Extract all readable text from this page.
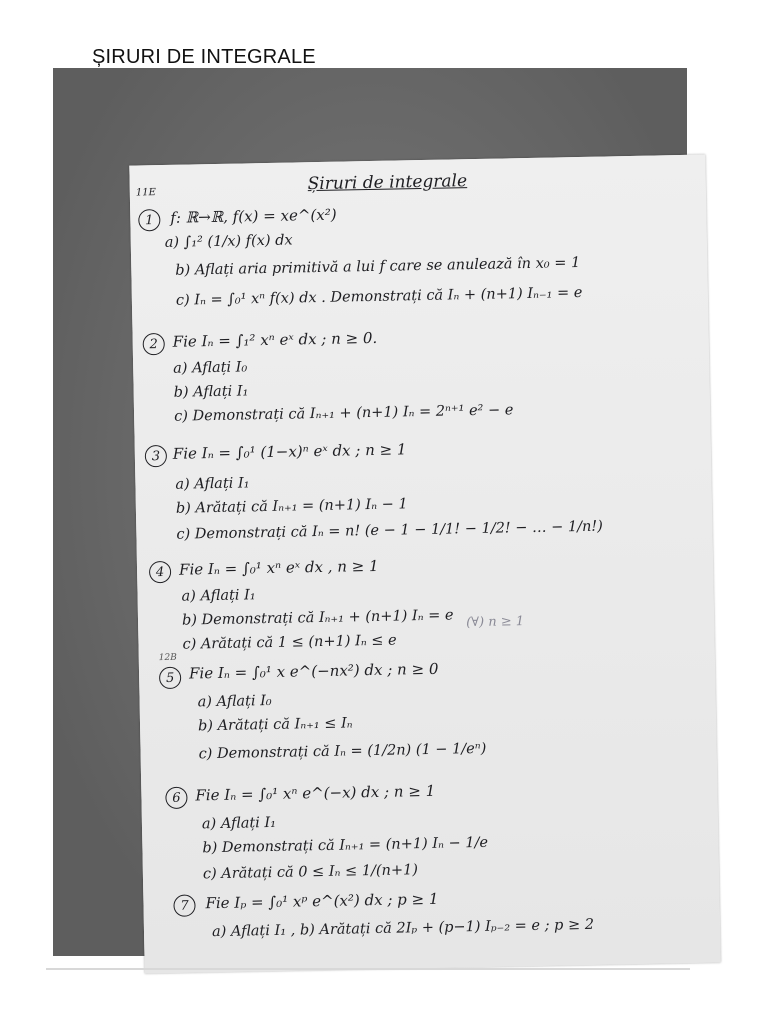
ȘIRURI DE INTEGRALE
Șiruri de integrale
11E
1	f: ℝ→ℝ, f(x) = xe^(x²)
a) ∫₁² (1/x) f(x) dx
b) Aflați aria primitivă a lui f care se anulează în x₀ = 1
c) Iₙ = ∫₀¹ xⁿ f(x) dx . Demonstrați că Iₙ + (n+1) Iₙ₋₁ = e
2 Fie Iₙ = ∫₁² xⁿ eˣ dx ; n ≥ 0.
a) Aflați I₀
b) Aflați I₁
c) Demonstrați că Iₙ₊₁ + (n+1) Iₙ = 2ⁿ⁺¹ e² − e
3 Fie Iₙ = ∫₀¹ (1−x)ⁿ eˣ dx ; n ≥ 1
a) Aflați I₁
b) Arătați că Iₙ₊₁ = (n+1) Iₙ − 1
c) Demonstrați că Iₙ = n! (e − 1 − 1/1! − 1/2! − … − 1/n!)
4 Fie Iₙ = ∫₀¹ xⁿ eˣ dx , n ≥ 1
a) Aflați I₁
b) Demonstrați că Iₙ₊₁ + (n+1) Iₙ = e
c) Arătați că 1 ≤ (n+1) Iₙ ≤ e
(∀) n ≥ 1
12B
5 Fie Iₙ = ∫₀¹ x e^(−nx²) dx ; n ≥ 0
a) Aflați I₀
b) Arătați că Iₙ₊₁ ≤ Iₙ
c) Demonstrați că Iₙ = (1/2n) (1 − 1/eⁿ)
6 Fie Iₙ = ∫₀¹ xⁿ e^(−x) dx ; n ≥ 1
a) Aflați I₁
b) Demonstrați că Iₙ₊₁ = (n+1) Iₙ − 1/e
c) Arătați că 0 ≤ Iₙ ≤ 1/(n+1)
7	Fie Iₚ = ∫₀¹ xᵖ e^(x²) dx ; p ≥ 1
a) Aflați I₁ , b) Arătați că 2Iₚ + (p−1) Iₚ₋₂ = e ; p ≥ 2
